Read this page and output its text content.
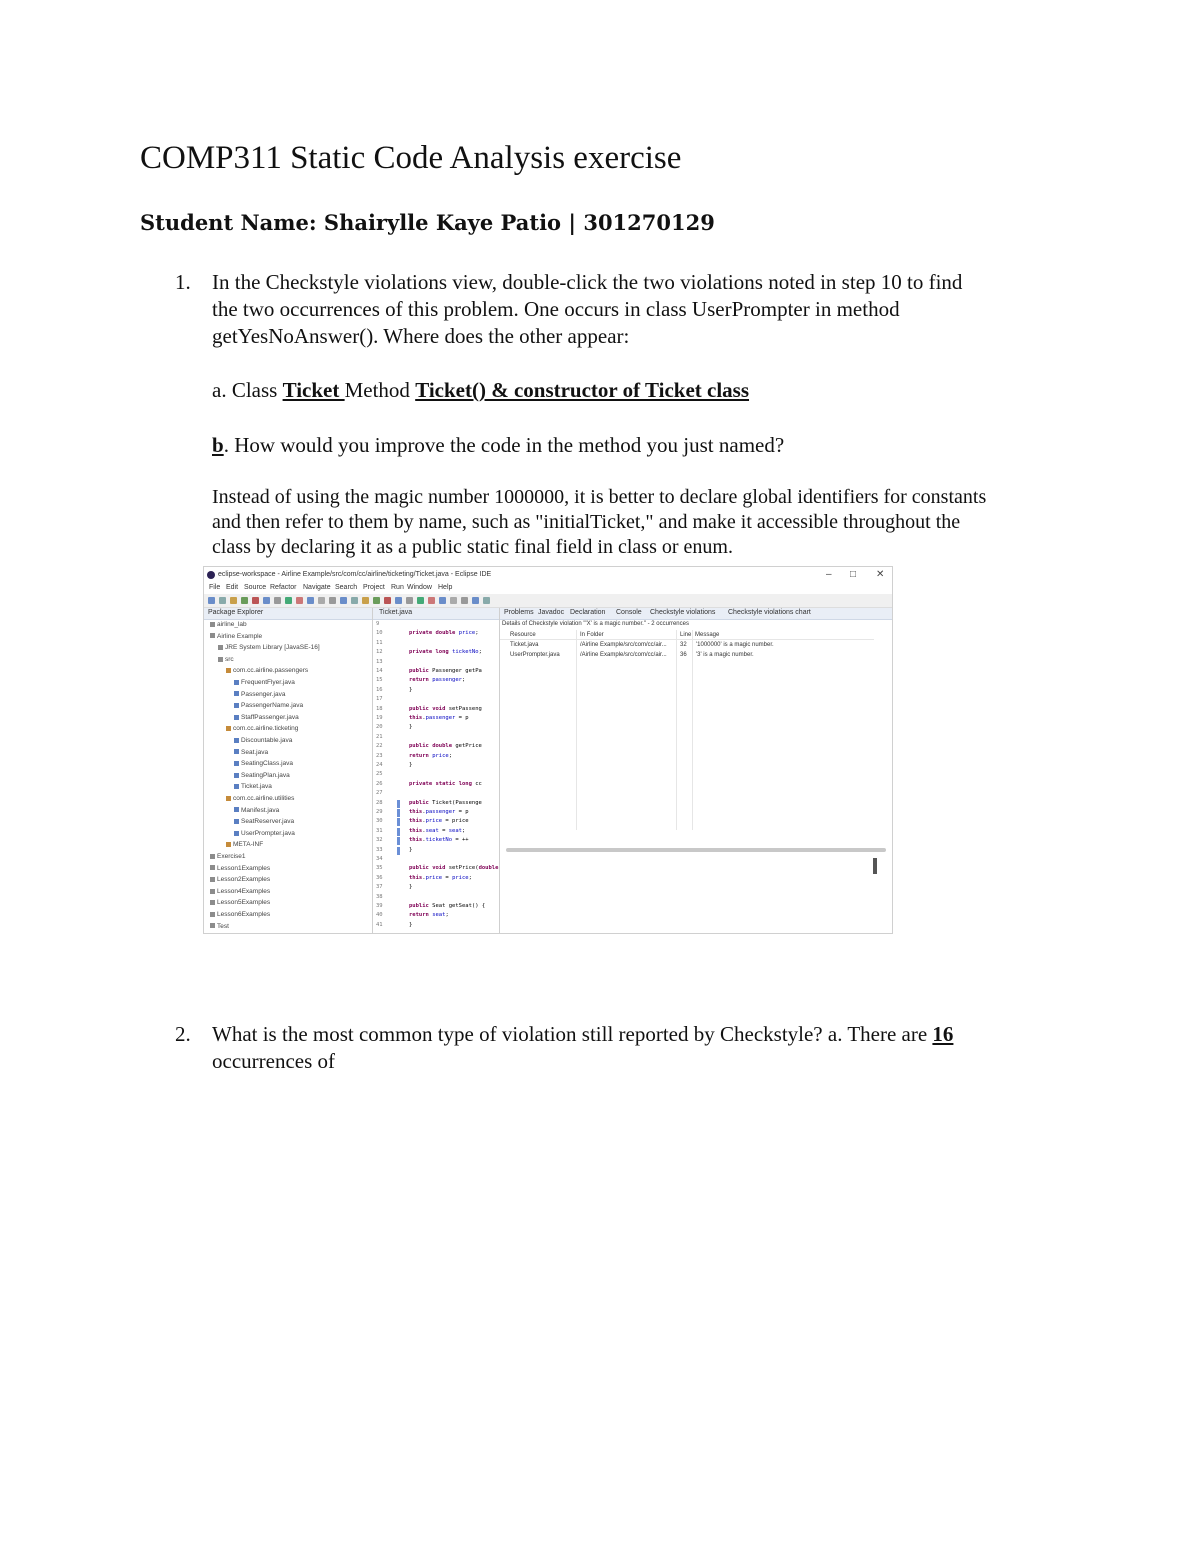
COMP311 Static Code Analysis exercise
Student Name: Shairylle Kaye Patio | 301270129
1. In the Checkstyle violations view, double-click the two violations noted in step 10 to find
the two occurrences of this problem. One occurs in class UserPrompter in method
getYesNoAnswer(). Where does the other appear:
a. Class Ticket Method Ticket() & constructor of Ticket class
b. How would you improve the code in the method you just named?
Instead of using the magic number 1000000, it is better to declare global identifiers for constants
and then refer to them by name, such as "initialTicket," and make it accessible throughout the
class by declaring it as a public static final field in class or enum.
eclipse-workspace - Airline Example/src/com/cc/airline/ticketing/Ticket.java - Eclipse IDE	– □ ✕
File Edit Source Refactor Navigate Search Project Run Window Help
Package Explorer
airline_lab
Airline Example
JRE System Library [JavaSE-16]
src
com.cc.airline.passengers
FrequentFlyer.java
Passenger.java
PassengerName.java
StaffPassenger.java
com.cc.airline.ticketing
Discountable.java
Seat.java
SeatingClass.java
SeatingPlan.java
Ticket.java
com.cc.airline.utilities
Manifest.java
SeatReserver.java
UserPrompter.java
META-INF
Exercise1
Lesson1Examples
Lesson2Examples
Lesson4Examples
Lesson5Examples
Lesson6Examples
Test
Ticket.java
9
10	private double price;
11
12	private long ticketNo;
13
14	public Passenger getPa
15	return passenger;
16	}
17
18	public void setPasseng
19	this.passenger = p
20	}
21
22	public double getPrice
23	return price;
24	}
25
26	private static long cc
27
28	public Ticket(Passenge
29	this.passenger = p
30	this.price = price
31	this.seat = seat;
32	this.ticketNo = ++
33	}
34
35	public void setPrice(double
36	this.price = price;
37	}
38
39	public Seat getSeat() {
40	return seat;
41	}
Problems Javadoc Declaration Console Checkstyle violations Checkstyle violations chart
Details of Checkstyle violation "'X' is a magic number." - 2 occurrences
Resource	In Folder	Line Message
Ticket.java	/Airline Example/src/com/cc/air... 32 '1000000' is a magic number.
UserPrompter.java	/Airline Example/src/com/cc/air... 36 '3' is a magic number.
2. What is the most common type of violation still reported by Checkstyle? a. There are 16
occurrences of
